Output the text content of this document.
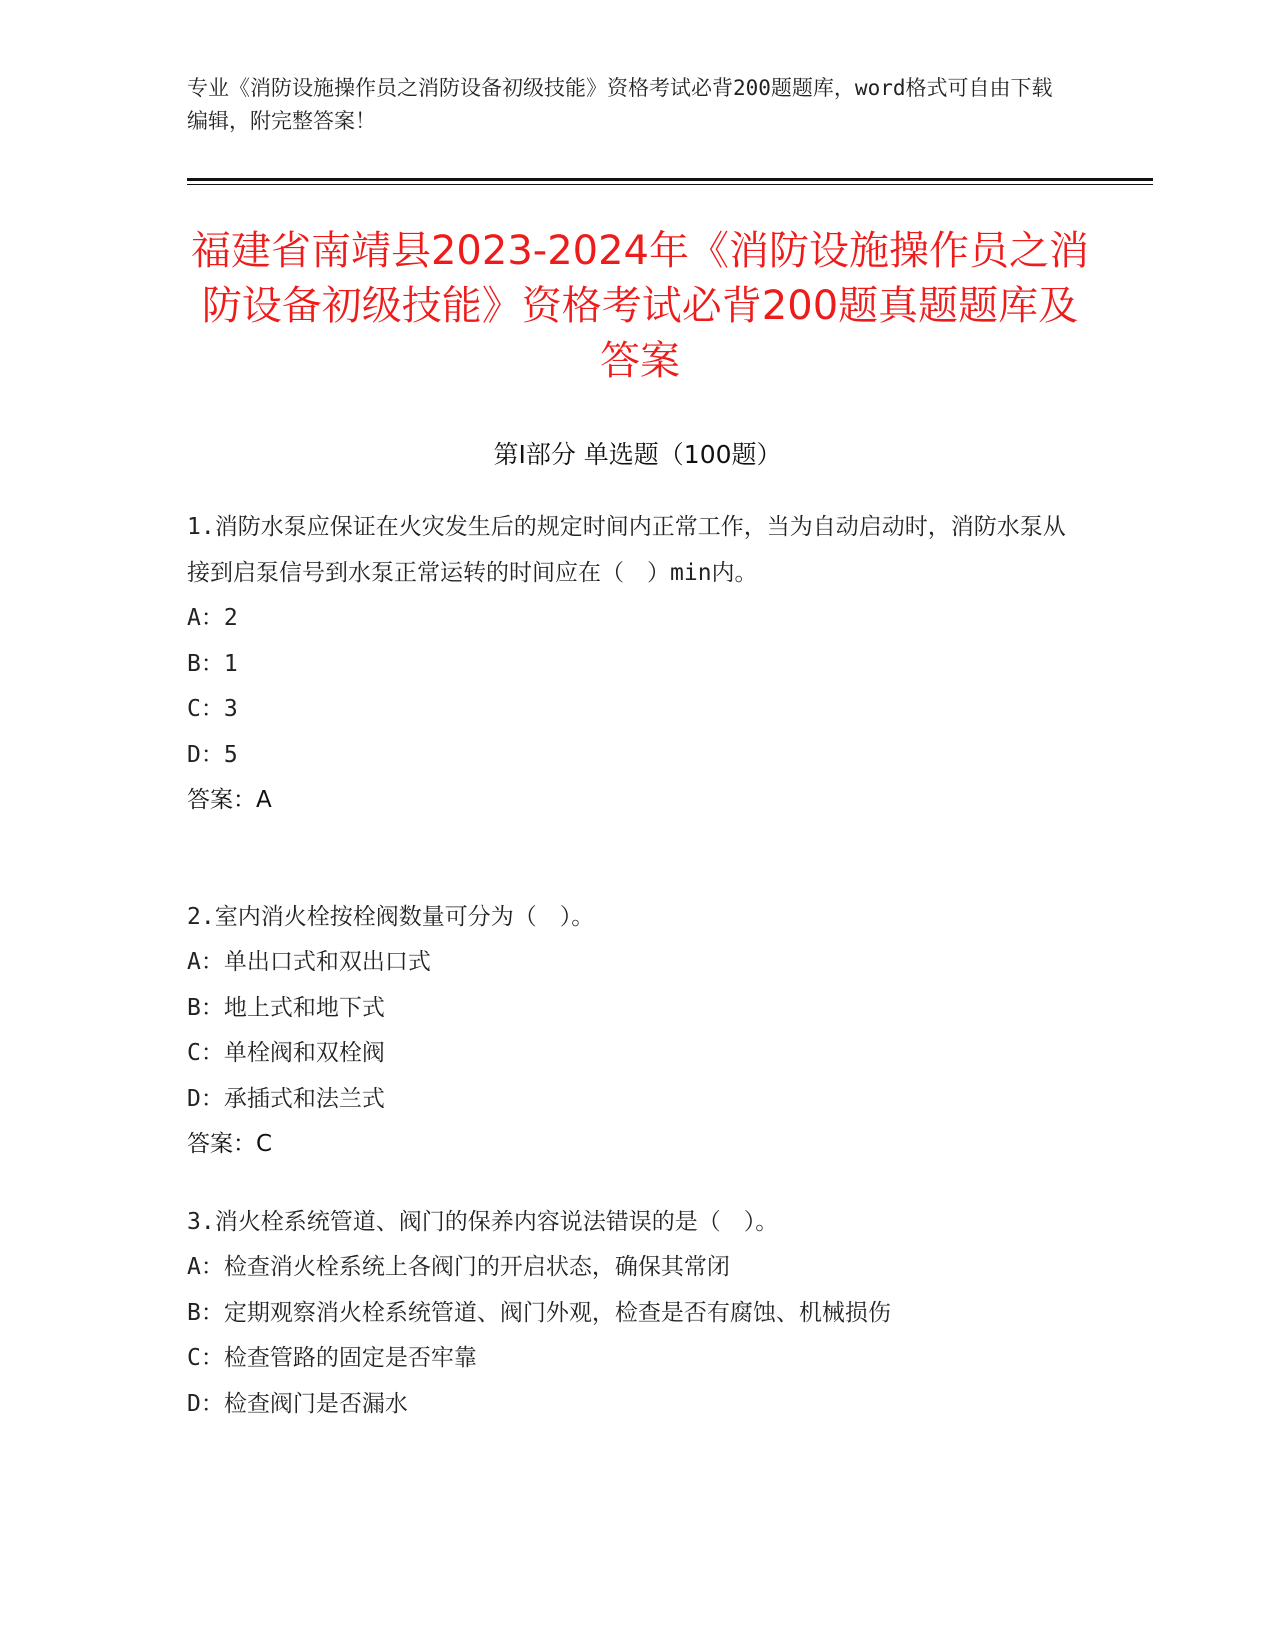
专业《消防设施操作员之消防设备初级技能》资格考试必背200题题库，word格式可自由下载编辑，附完整答案！
福建省南靖县2023-2024年《消防设施操作员之消防设备初级技能》资格考试必背200题真题题库及答案
第I部分 单选题（100题）
1.消防水泵应保证在火灾发生后的规定时间内正常工作，当为自动启动时，消防水泵从接到启泵信号到水泵正常运转的时间应在（　）min内。
A：2
B：1
C：3
D：5
答案：A
2.室内消火栓按栓阀数量可分为（　）。
A：单出口式和双出口式
B：地上式和地下式
C：单栓阀和双栓阀
D：承插式和法兰式
答案：C
3.消火栓系统管道、阀门的保养内容说法错误的是（　）。
A：检查消火栓系统上各阀门的开启状态，确保其常闭
B：定期观察消火栓系统管道、阀门外观，检查是否有腐蚀、机械损伤
C：检查管路的固定是否牢靠
D：检查阀门是否漏水
